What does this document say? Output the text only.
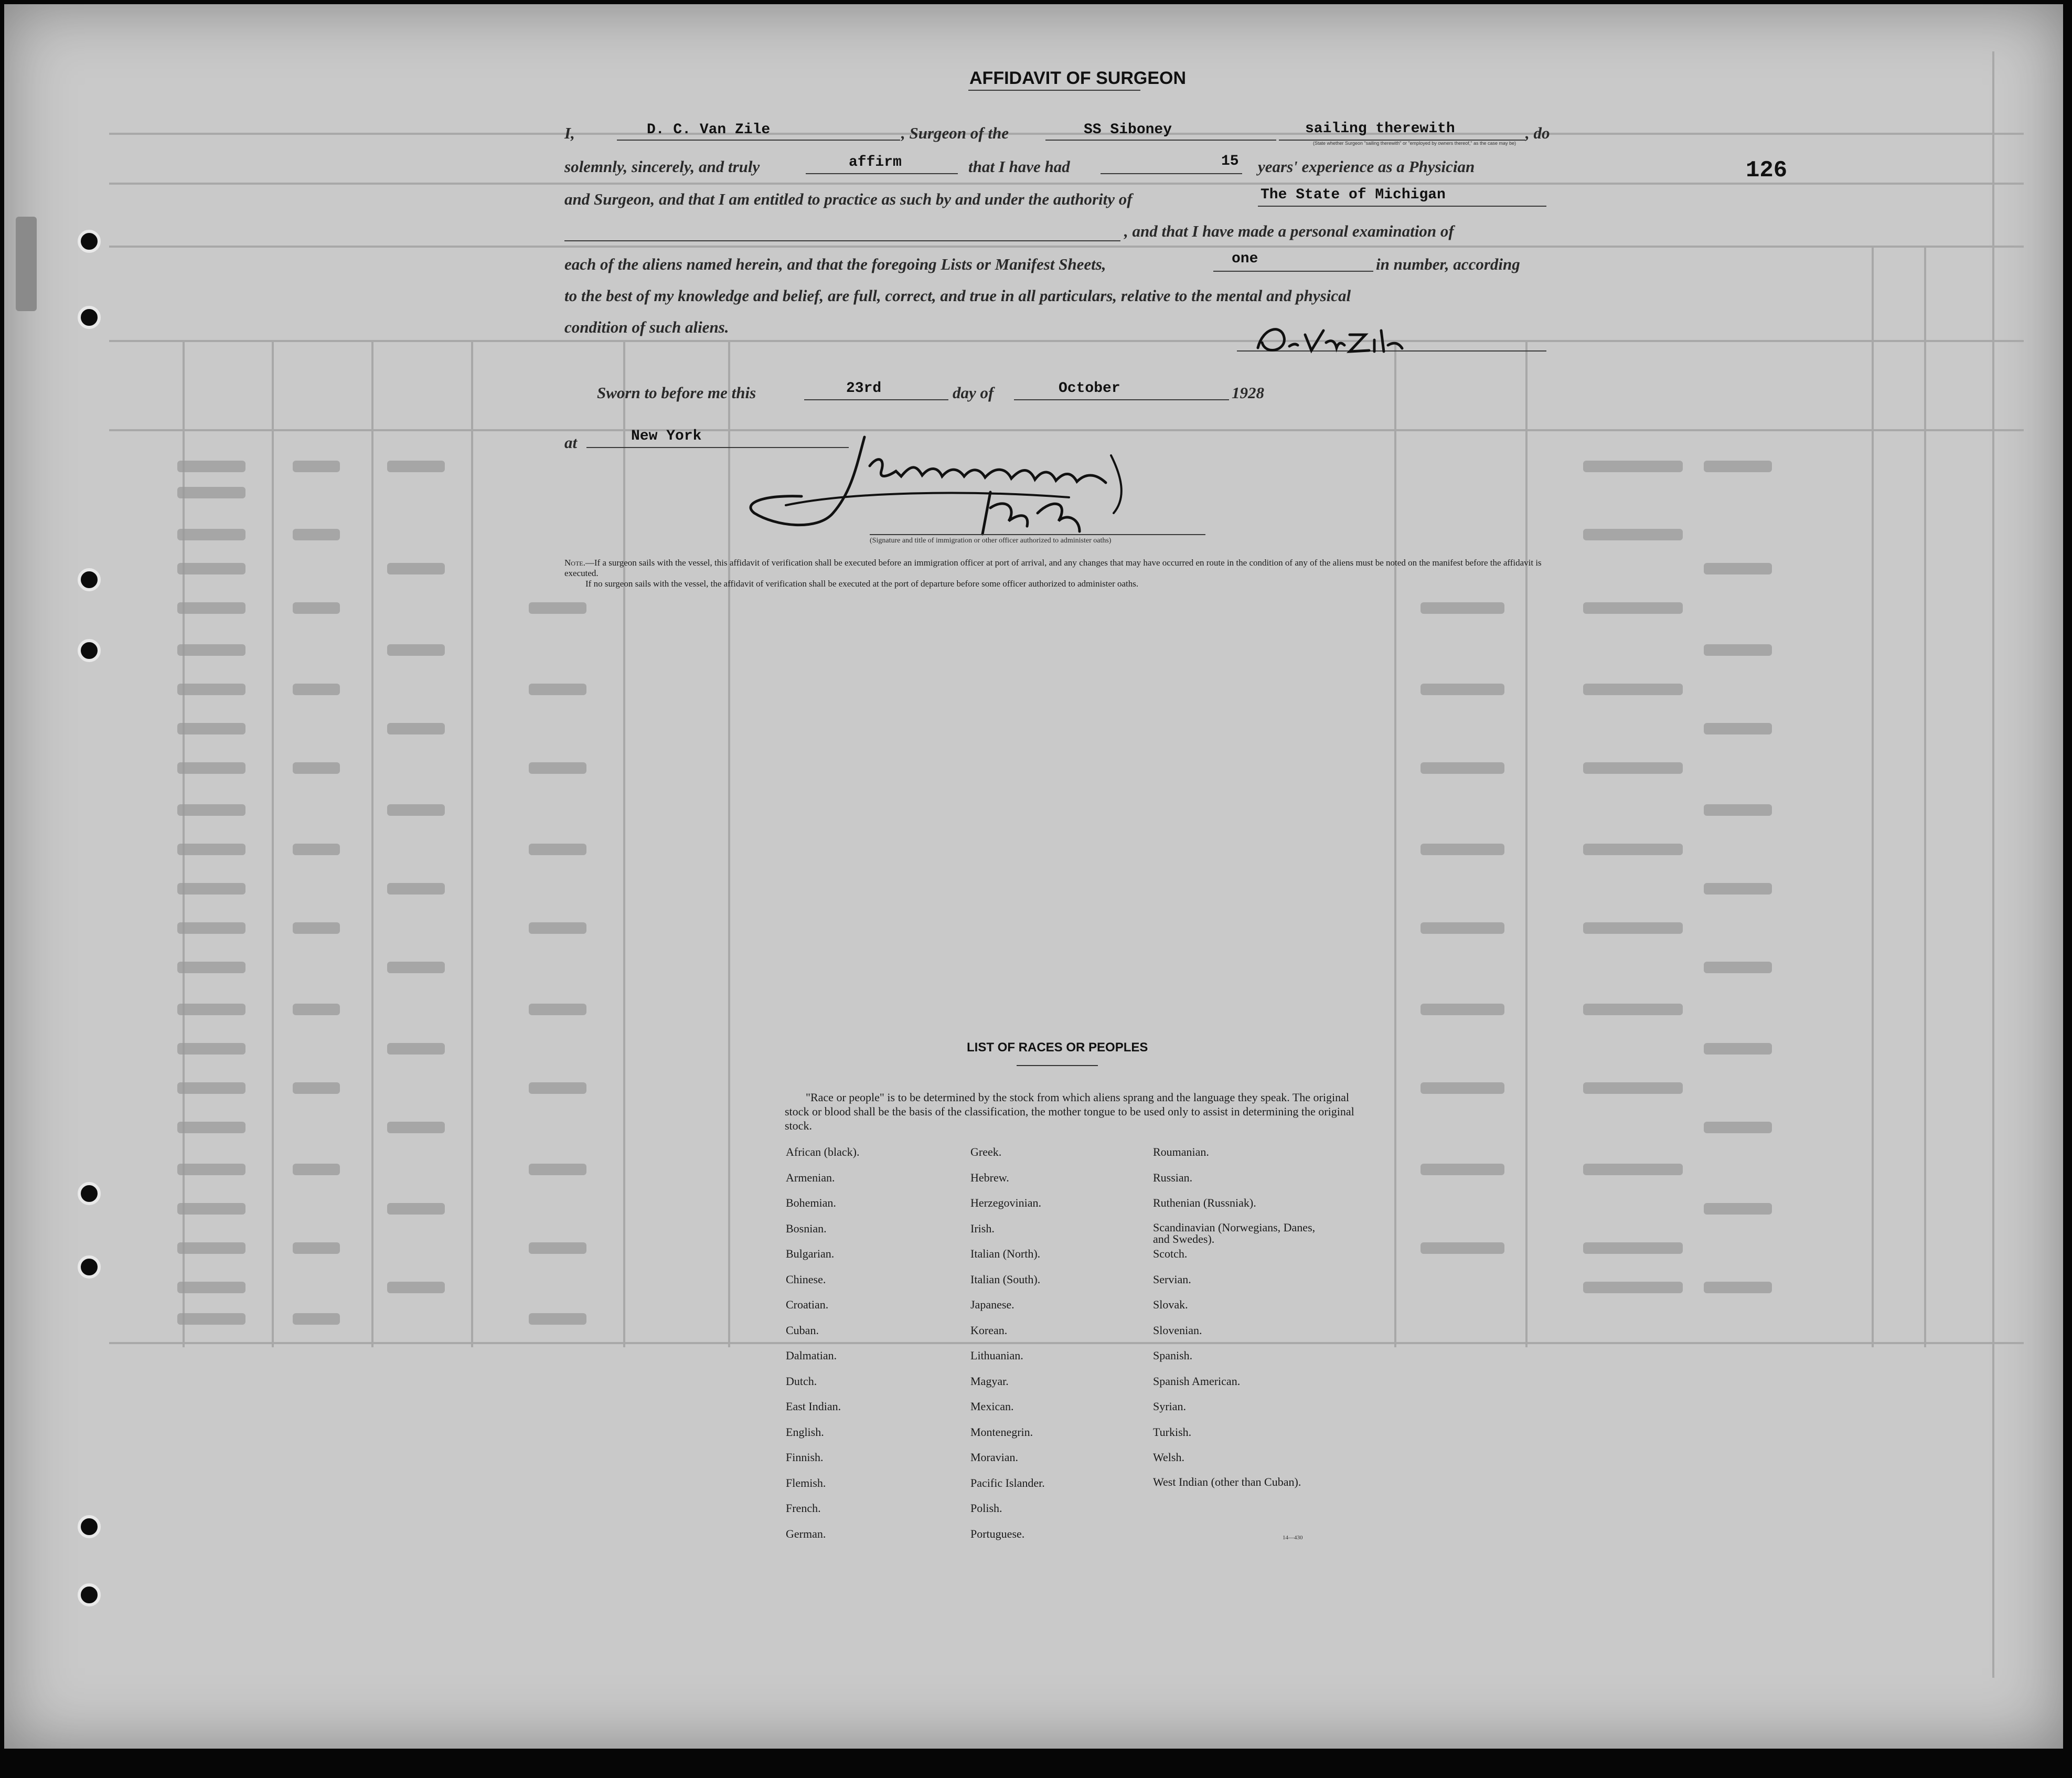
AFFIDAVIT OF SURGEON
126
I,	D. C. Van Zile	, Surgeon of the	SS Siboney	sailing therewith	, do
(State whether Surgeon "sailing therewith" or "employed by owners thereof," as the case may be)
solemnly, sincerely, and truly	affirm	that I have had	15 years' experience as a Physician
and Surgeon, and that I am entitled to practice as such by and under the authority of	The State of Michigan
, and that I have made a personal examination of
each of the aliens named herein, and that the foregoing Lists or Manifest Sheets,	one	in number, according
to the best of my knowledge and belief, are full, correct, and true in all particulars, relative to the mental and physical
condition of such aliens.
Sworn to before me this	23rd	day of	October	1928
at	New York
(Signature and title of immigration or other officer authorized to administer oaths)

Note.—If a surgeon sails with the vessel, this affidavit of verification shall be executed before an immigration officer at port of arrival, and any changes that may have occurred en route in the condition of any of the aliens must be noted on the manifest before the affidavit is executed.

If no surgeon sails with the vessel, the affidavit of verification shall be executed at the port of departure before some officer authorized to administer oaths.

LIST OF RACES OR PEOPLES
"Race or people" is to be determined by the stock from which aliens sprang and the language they speak. The original stock or blood shall be the basis of the classification, the mother tongue to be used only to assist in determining the original stock.
African (black).
Armenian.
Bohemian.
Bosnian.
Bulgarian.
Chinese.
Croatian.
Cuban.
Dalmatian.
Dutch.
East Indian.
English.
Finnish.
Flemish.
French.
German.
Greek.
Hebrew.
Herzegovinian.
Irish.
Italian (North).
Italian (South).
Japanese.
Korean.
Lithuanian.
Magyar.
Mexican.
Montenegrin.
Moravian.
Pacific Islander.
Polish.
Portuguese.
Roumanian.
Russian.
Ruthenian (Russniak).
Scandinavian (Norwegians, Danes, and Swedes).
Scotch.
Servian.
Slovak.
Slovenian.
Spanish.
Spanish American.
Syrian.
Turkish.
Welsh.
West Indian (other than Cuban).
14—430
